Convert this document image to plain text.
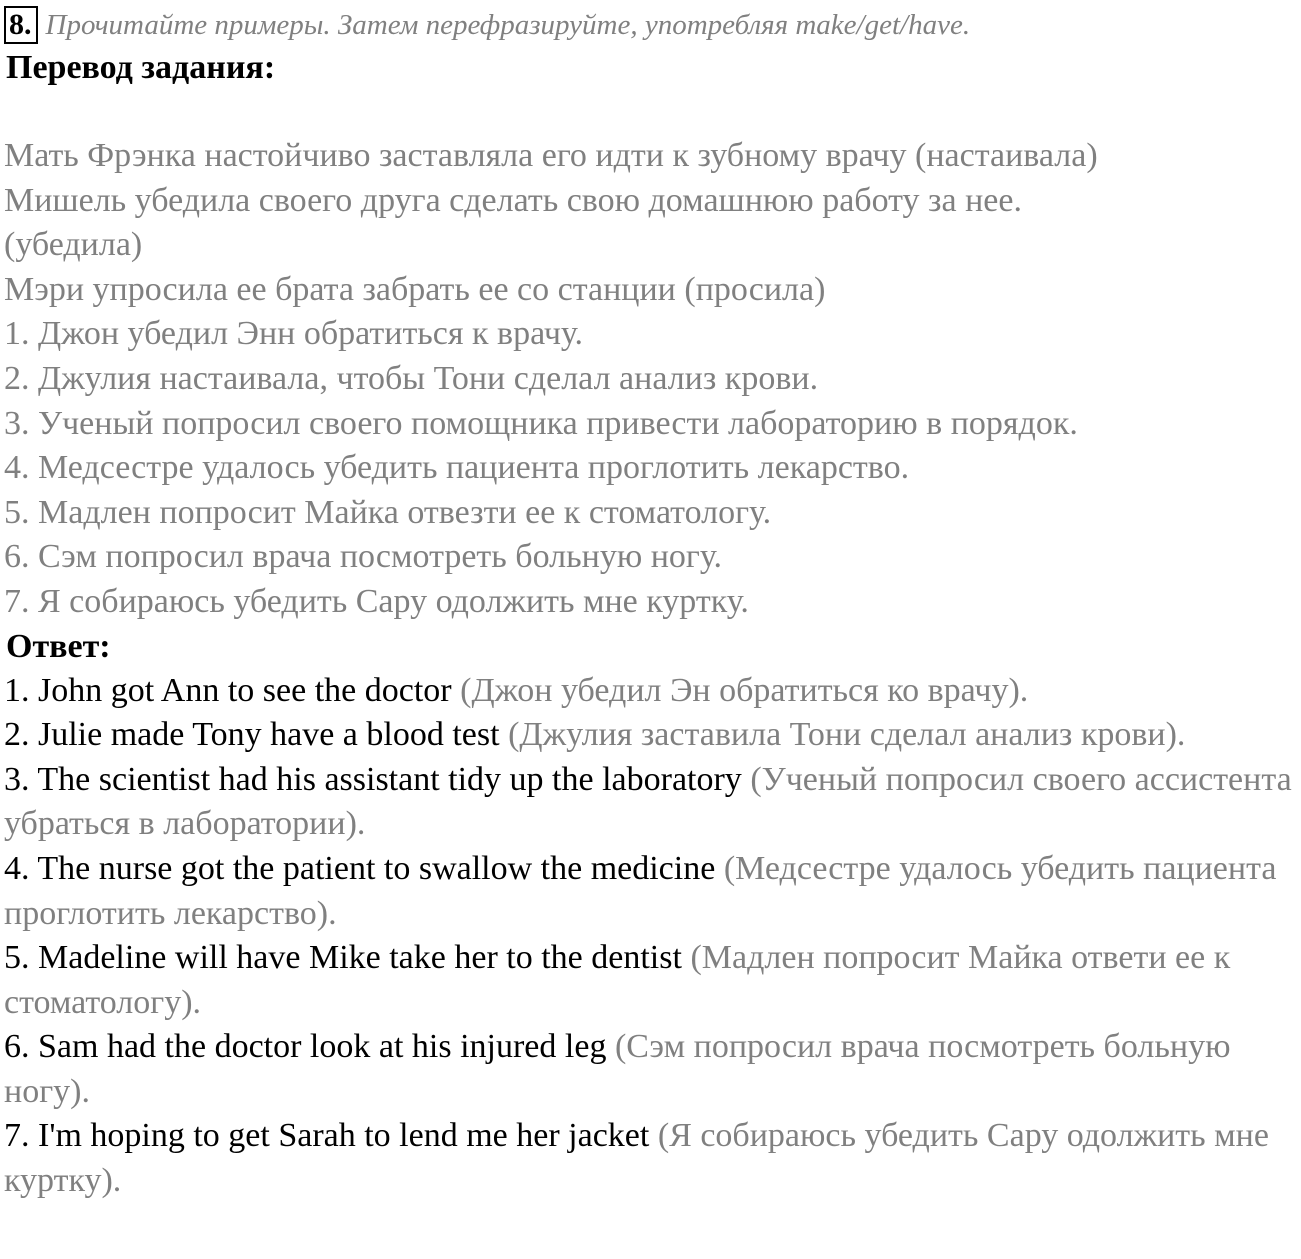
8. Прочитайте примеры. Затем перефразируйте, употребляя make/get/have.
Перевод задания:
Мать Фрэнка настойчиво заставляла его идти к зубному врачу (настаивала)
Мишель убедила своего друга сделать свою домашнюю работу за нее.
(убедила)
Мэри упросила ее брата забрать ее со станции (просила)
1. Джон убедил Энн обратиться к врачу.
2. Джулия настаивала, чтобы Тони сделал анализ крови.
3. Ученый попросил своего помощника привести лабораторию в порядок.
4. Медсестре удалось убедить пациента проглотить лекарство.
5. Мадлен попросит Майка отвезти ее к стоматологу.
6. Сэм попросил врача посмотреть больную ногу.
7. Я собираюсь убедить Сару одолжить мне куртку.
Ответ:
1. John got Ann to see the doctor (Джон убедил Эн обратиться ко врачу).
2. Julie made Tony have a blood test (Джулия заставила Тони сделал анализ крови).
3. The scientist had his assistant tidy up the laboratory (Ученый попросил своего ассистента убраться в лаборатории).
4. The nurse got the patient to swallow the medicine (Медсестре удалось убедить пациента проглотить лекарство).
5. Madeline will have Mike take her to the dentist (Мадлен попросит Майка ответи ее к стоматологу).
6. Sam had the doctor look at his injured leg (Сэм попросил врача посмотреть больную ногу).
7. I'm hoping to get Sarah to lend me her jacket (Я собираюсь убедить Сару одолжить мне куртку).
